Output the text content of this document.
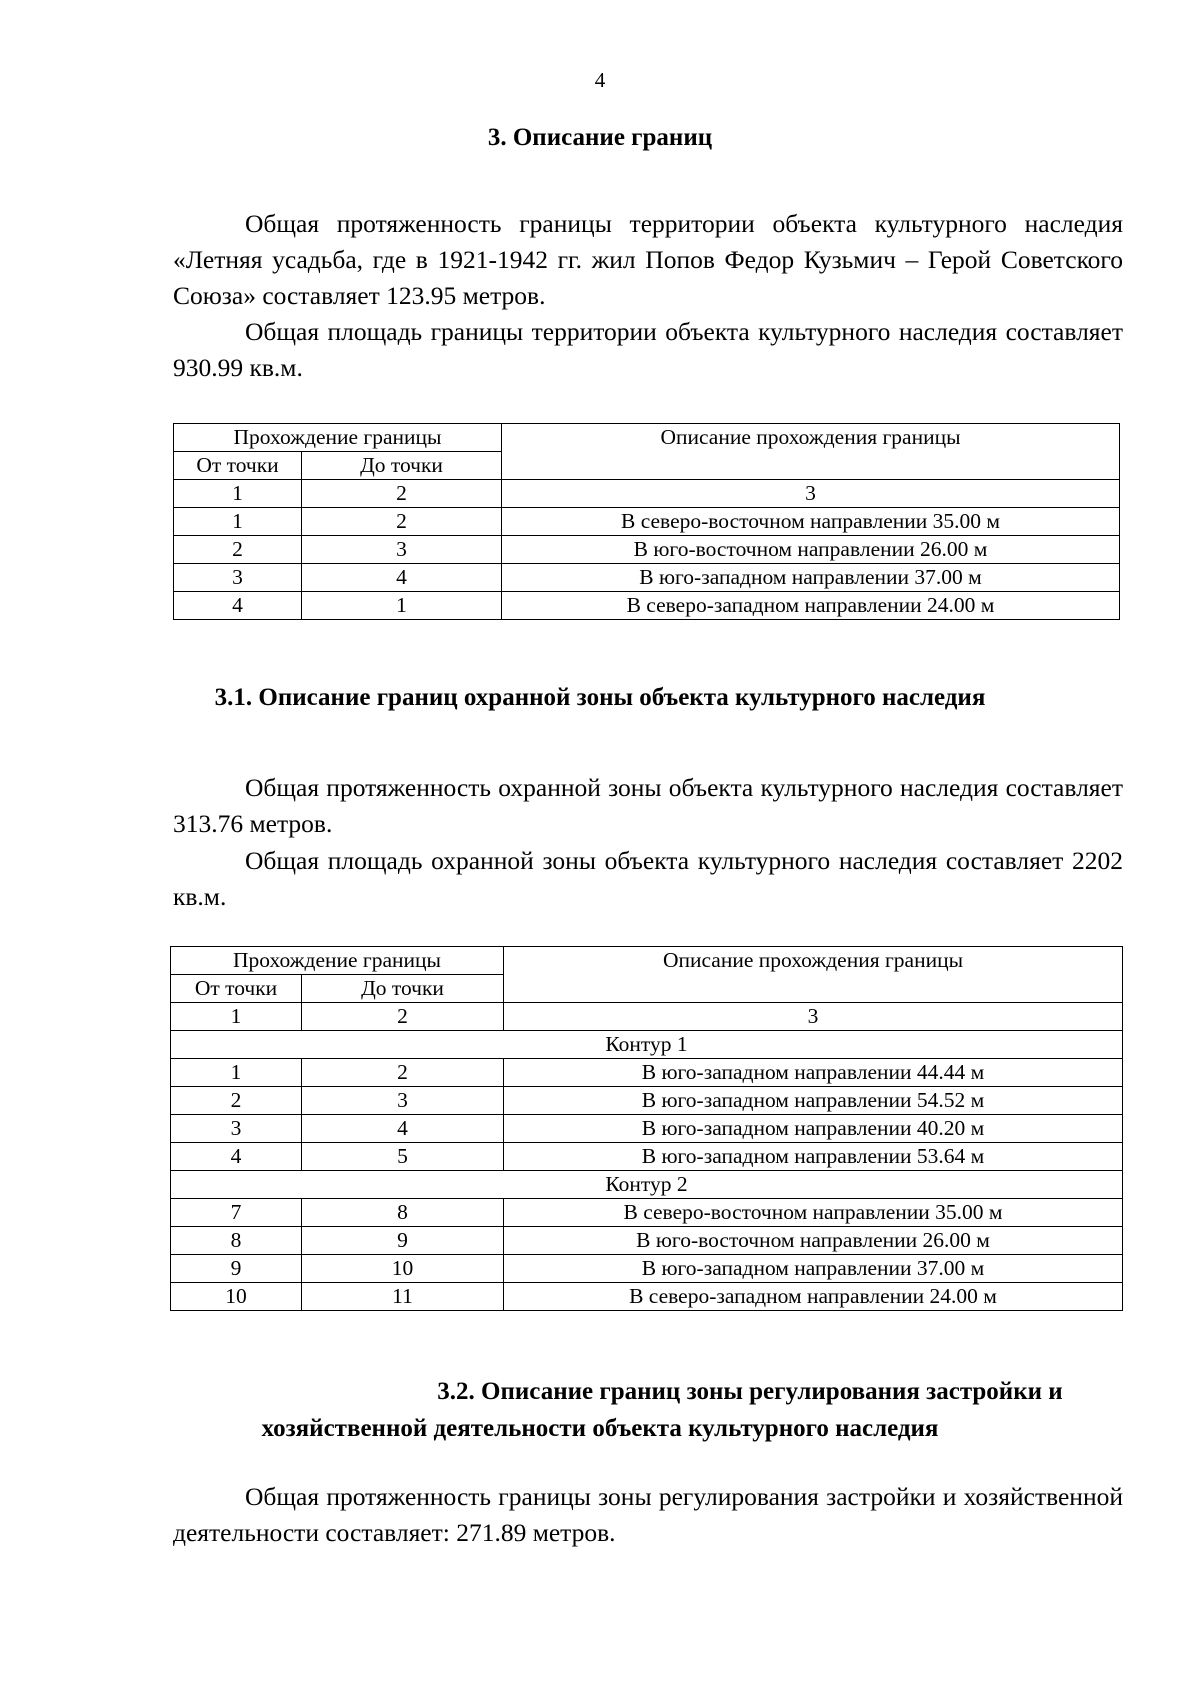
4
3. Описание границ

Общая протяженность границы территории объекта культурного наследия «Летняя усадьба, где в 1921-1942 гг. жил Попов Федор Кузьмич – Герой Советского Союза» составляет 123.95 метров.

Общая площадь границы территории объекта культурного наследия составляет 930.99 кв.м.

Прохождение границы		Описание прохождения границы
От точки	До точки	
1	2	3
1	2	В северо-восточном направлении 35.00 м
2	3	В юго-восточном направлении 26.00 м
3	4	В юго-западном направлении 37.00 м
4	1	В северо-западном направлении 24.00 м
3.1. Описание границ охранной зоны объекта культурного наследия

Общая протяженность охранной зоны объекта культурного наследия составляет 313.76 метров.

Общая площадь охранной зоны объекта культурного наследия составляет 2202 кв.м.

Прохождение границы		Описание прохождения границы
От точки	До точки	
1	2	3
Контур 1		
1	2	В юго-западном направлении 44.44 м
2	3	В юго-западном направлении 54.52 м
3	4	В юго-западном направлении 40.20 м
4	5	В юго-западном направлении 53.64 м
Контур 2		
7	8	В северо-восточном направлении 35.00 м
8	9	В юго-восточном направлении 26.00 м
9	10	В юго-западном направлении 37.00 м
10	11	В северо-западном направлении 24.00 м
3.2. Описание границ зоны регулирования застройки и
хозяйственной деятельности объекта культурного наследия

Общая протяженность границы зоны регулирования застройки и хозяйственной деятельности составляет: 271.89 метров.
